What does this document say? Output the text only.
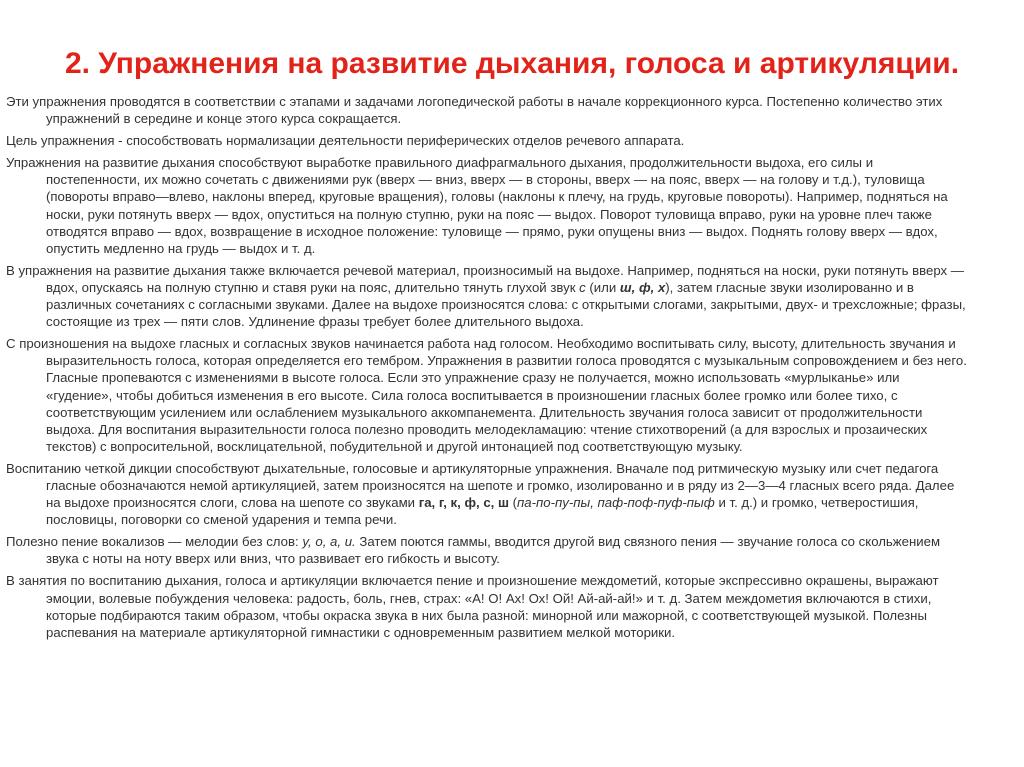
2. Упражнения на развитие дыхания, голоса и артикуляции.

Эти упражнения проводятся в соответствии с этапами и задачами логопедической работы в начале коррекционного курса. Постепенно количество этих упражнений в середине и конце этого курса сокращается.

Цель упражнения - способствовать нормализации деятельности периферических отделов речевого аппарата.

Упражнения на развитие дыхания способствуют выработке правильного диафрагмального дыхания, продолжительности выдоха, его силы и постепенности, их можно сочетать с движениями рук (вверх — вниз, вверх — в стороны, вверх — на пояс, вверх — на голову и т.д.), туловища (повороты вправо—влево, наклоны вперед, круговые вращения), головы (наклоны к плечу, на грудь, круговые повороты). Например, подняться на носки, руки потянуть вверх — вдох, опуститься на полную ступню, руки на пояс — выдох. Поворот туловища вправо, руки на уровне плеч также отводятся вправо — вдох, возвращение в исходное положение: туловище — прямо, руки опущены вниз — выдох. Поднять голову вверх — вдох, опустить медленно на грудь — выдох и т. д.

В упражнения на развитие дыхания также включается речевой материал, произносимый на выдохе. Например, подняться на носки, руки потянуть вверх — вдох, опускаясь на полную ступню и ставя руки на пояс, длительно тянуть глухой звук с (или ш, ф, х), затем гласные звуки изолированно и в различных сочетаниях с согласными звуками. Далее на выдохе произносятся слова: с открытыми слогами, закрытыми, двух- и трехсложные; фразы, состоящие из трех — пяти слов. Удлинение фразы требует более длительного выдоха.

С произношения на выдохе гласных и согласных звуков начинается работа над голосом. Необходимо воспитывать силу, высоту, длительность звучания и выразительность голоса, которая определяется его тембром. Упражнения в развитии голоса проводятся с музыкальным сопровождением и без него. Гласные пропеваются с изменениями в высоте голоса. Если это упражнение сразу не получается, можно использовать «мурлыканье» или «гудение», чтобы добиться изменения в его высоте. Сила голоса воспитывается в произношении гласных более громко или более тихо, с соответствующим усилением или ослаблением музыкального аккомпанемента. Длительность звучания голоса зависит от продолжительности выдоха. Для воспитания выразительности голоса полезно проводить мелодекламацию: чтение стихотворений (а для взрослых и прозаических текстов) с вопросительной, восклицательной, побудительной и другой интонацией под соответствующую музыку.

Воспитанию четкой дикции способствуют дыхательные, голосовые и артикуляторные упражнения. Вначале под ритмическую музыку или счет педагога гласные обозначаются немой артикуляцией, затем произносятся на шепоте и громко, изолированно и в ряду из 2—3—4 гласных всего ряда. Далее на выдохе произносятся слоги, слова на шепоте со звуками га, г, к, ф, с, ш (па-по-пу-пы, паф-поф-пуф-пыф и т. д.) и громко, четверостишия, пословицы, поговорки со сменой ударения и темпа речи.

Полезно пение вокализов — мелодии без слов: у, о, а, и. Затем поются гаммы, вводится другой вид связного пения — звучание голоса со скольжением звука с ноты на ноту вверх или вниз, что развивает его гибкость и высоту.

В занятия по воспитанию дыхания, голоса и артикуляции включается пение и произношение междометий, которые экспрессивно окрашены, выражают эмоции, волевые побуждения человека: радость, боль, гнев, страх: «А! О! Ах! Ох! Ой! Ай-ай-ай!» и т. д. Затем междометия включаются в стихи, которые подбираются таким образом, чтобы окраска звука в них была разной: минорной или мажорной, с соответствующей музыкой. Полезны распевания на материале артикуляторной гимнастики с одновременным развитием мелкой моторики.
